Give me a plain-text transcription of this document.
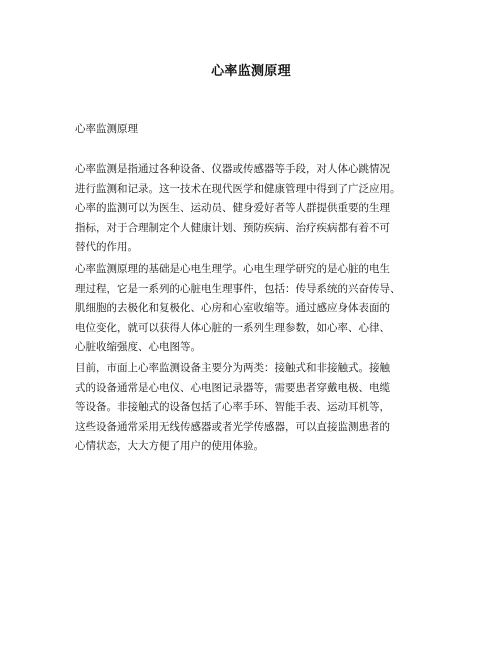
心率监测原理
心率监测原理
心率监测是指通过各种设备、仪器或传感器等手段，对人体心跳情况
进行监测和记录。这一技术在现代医学和健康管理中得到了广泛应用。
心率的监测可以为医生、运动员、健身爱好者等人群提供重要的生理
指标，对于合理制定个人健康计划、预防疾病、治疗疾病都有着不可
替代的作用。
心率监测原理的基础是心电生理学。心电生理学研究的是心脏的电生
理过程，它是一系列的心脏电生理事件，包括：传导系统的兴奋传导、
肌细胞的去极化和复极化、心房和心室收缩等。通过感应身体表面的
电位变化，就可以获得人体心脏的一系列生理参数，如心率、心律、
心脏收缩强度、心电图等。
目前，市面上心率监测设备主要分为两类：接触式和非接触式。接触
式的设备通常是心电仪、心电图记录器等，需要患者穿戴电极、电缆
等设备。非接触式的设备包括了心率手环、智能手表、运动耳机等，
这些设备通常采用无线传感器或者光学传感器，可以直接监测患者的
心情状态，大大方便了用户的使用体验。
